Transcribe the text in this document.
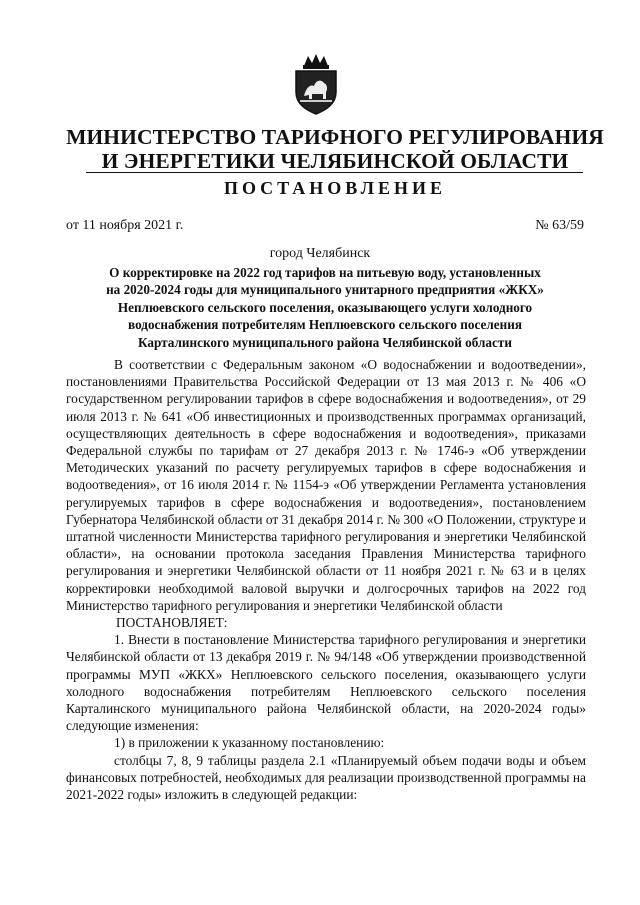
МИНИСТЕРСТВО ТАРИФНОГО РЕГУЛИРОВАНИЯ
И ЭНЕРГЕТИКИ ЧЕЛЯБИНСКОЙ ОБЛАСТИ
ПОСТАНОВЛЕНИЕ
от 11 ноября 2021 г.	№ 63/59
город Челябинск
О корректировке на 2022 год тарифов на питьевую воду, установленных
на 2020-2024 годы для муниципального унитарного предприятия «ЖКХ»
Неплюевского сельского поселения, оказывающего услуги холодного
водоснабжения потребителям Неплюевского сельского поселения
Карталинского муниципального района Челябинской области

В соответствии с Федеральным законом «О водоснабжении и водоотведении», постановлениями Правительства Российской Федерации от 13 мая 2013 г. № 406 «О государственном регулировании тарифов в сфере водоснабжения и водоотведения», от 29 июля 2013 г. № 641 «Об инвестиционных и производственных программах организаций, осуществляющих деятельность в сфере водоснабжения и водоотведения», приказами Федеральной службы по тарифам от 27 декабря 2013 г. № 1746-э «Об утверждении Методических указаний по расчету регулируемых тарифов в сфере водоснабжения и водоотведения», от 16 июля 2014 г. № 1154-э «Об утверждении Регламента установления регулируемых тарифов в сфере водоснабжения и водоотведения», постановлением Губернатора Челябинской области от 31 декабря 2014 г. № 300 «О Положении, структуре и штатной численности Министерства тарифного регулирования и энергетики Челябинской области», на основании протокола заседания Правления Министерства тарифного регулирования и энергетики Челябинской области от 11 ноября 2021 г. № 63 и в целях корректировки необходимой валовой выручки и долгосрочных тарифов на 2022 год Министерство тарифного регулирования и энергетики Челябинской области

ПОСТАНОВЛЯЕТ:

1. Внести в постановление Министерства тарифного регулирования и энергетики Челябинской области от 13 декабря 2019 г. № 94/148 «Об утверждении производственной программы МУП «ЖКХ» Неплюевского сельского поселения, оказывающего услуги холодного водоснабжения потребителям Неплюевского сельского поселения Карталинского муниципального района Челябинской области, на 2020-2024 годы» следующие изменения:

1) в приложении к указанному постановлению:

столбцы 7, 8, 9 таблицы раздела 2.1 «Планируемый объем подачи воды и объем финансовых потребностей, необходимых для реализации производственной программы на 2021-2022 годы» изложить в следующей редакции:
